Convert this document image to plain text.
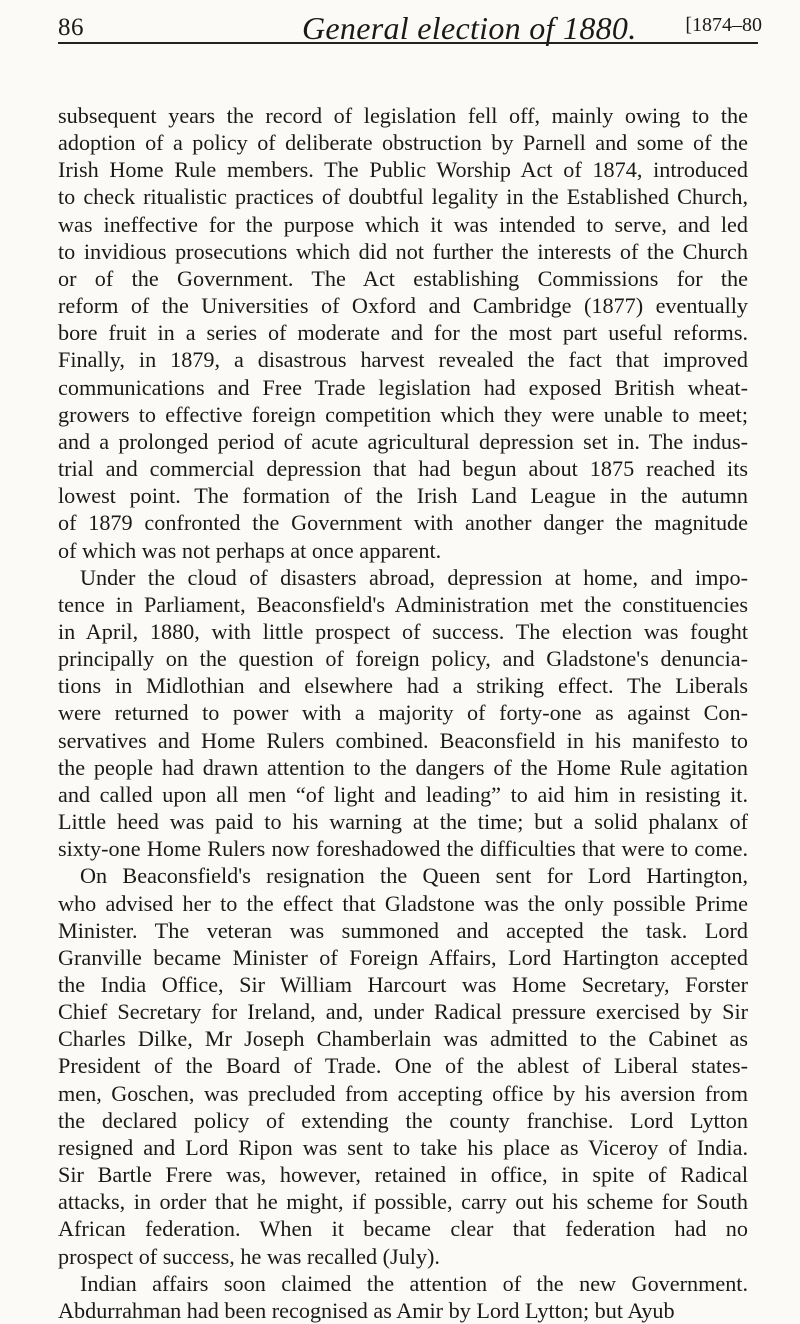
86	General election of 1880. [1874–80
subsequent years the record of legislation fell off, mainly owing to the
adoption of a policy of deliberate obstruction by Parnell and some of the
Irish Home Rule members. The Public Worship Act of 1874, introduced
to check ritualistic practices of doubtful legality in the Established Church,
was ineffective for the purpose which it was intended to serve, and led
to invidious prosecutions which did not further the interests of the Church
or of the Government. The Act establishing Commissions for the
reform of the Universities of Oxford and Cambridge (1877) eventually
bore fruit in a series of moderate and for the most part useful reforms.
Finally, in 1879, a disastrous harvest revealed the fact that improved
communications and Free Trade legislation had exposed British wheat-
growers to effective foreign competition which they were unable to meet;
and a prolonged period of acute agricultural depression set in. The indus-
trial and commercial depression that had begun about 1875 reached its
lowest point. The formation of the Irish Land League in the autumn
of 1879 confronted the Government with another danger the magnitude
of which was not perhaps at once apparent.
Under the cloud of disasters abroad, depression at home, and impo-
tence in Parliament, Beaconsfield's Administration met the constituencies
in April, 1880, with little prospect of success. The election was fought
principally on the question of foreign policy, and Gladstone's denuncia-
tions in Midlothian and elsewhere had a striking effect. The Liberals
were returned to power with a majority of forty-one as against Con-
servatives and Home Rulers combined. Beaconsfield in his manifesto to
the people had drawn attention to the dangers of the Home Rule agitation
and called upon all men “of light and leading” to aid him in resisting it.
Little heed was paid to his warning at the time; but a solid phalanx of
sixty-one Home Rulers now foreshadowed the difficulties that were to come.
On Beaconsfield's resignation the Queen sent for Lord Hartington,
who advised her to the effect that Gladstone was the only possible Prime
Minister. The veteran was summoned and accepted the task. Lord
Granville became Minister of Foreign Affairs, Lord Hartington accepted
the India Office, Sir William Harcourt was Home Secretary, Forster
Chief Secretary for Ireland, and, under Radical pressure exercised by Sir
Charles Dilke, Mr Joseph Chamberlain was admitted to the Cabinet as
President of the Board of Trade. One of the ablest of Liberal states-
men, Goschen, was precluded from accepting office by his aversion from
the declared policy of extending the county franchise. Lord Lytton
resigned and Lord Ripon was sent to take his place as Viceroy of India.
Sir Bartle Frere was, however, retained in office, in spite of Radical
attacks, in order that he might, if possible, carry out his scheme for South
African federation. When it became clear that federation had no
prospect of success, he was recalled (July).
Indian affairs soon claimed the attention of the new Government.
Abdurrahman had been recognised as Amir by Lord Lytton; but Ayub
